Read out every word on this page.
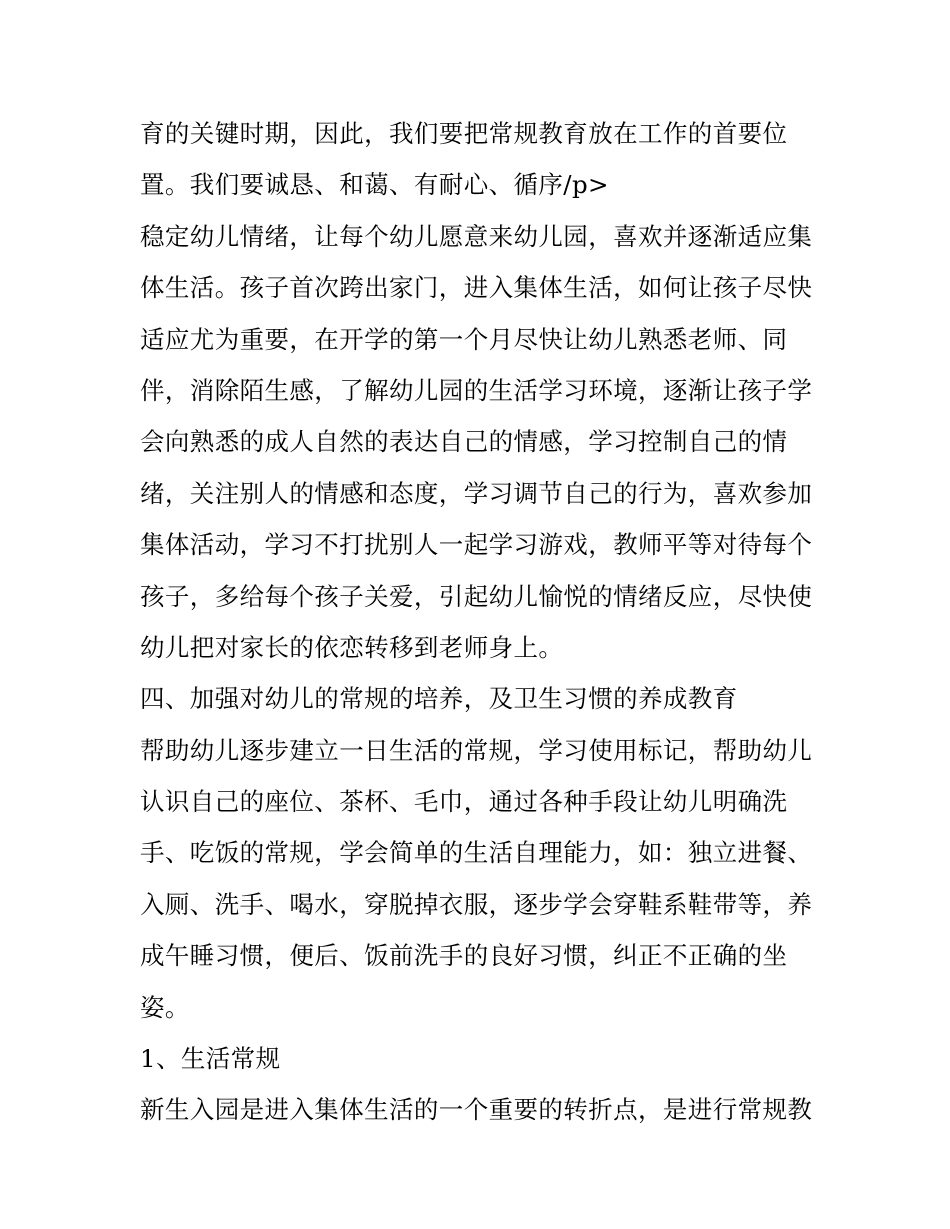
育的关键时期，因此，我们要把常规教育放在工作的首要位
置。我们要诚恳、和蔼、有耐心、循序/p>
稳定幼儿情绪，让每个幼儿愿意来幼儿园，喜欢并逐渐适应集
体生活。孩子首次跨出家门，进入集体生活，如何让孩子尽快
适应尤为重要，在开学的第一个月尽快让幼儿熟悉老师、同
伴，消除陌生感，了解幼儿园的生活学习环境，逐渐让孩子学
会向熟悉的成人自然的表达自己的情感，学习控制自己的情
绪，关注别人的情感和态度，学习调节自己的行为，喜欢参加
集体活动，学习不打扰别人一起学习游戏，教师平等对待每个
孩子，多给每个孩子关爱，引起幼儿愉悦的情绪反应，尽快使
幼儿把对家长的依恋转移到老师身上。
四、加强对幼儿的常规的培养，及卫生习惯的养成教育
帮助幼儿逐步建立一日生活的常规，学习使用标记，帮助幼儿
认识自己的座位、茶杯、毛巾，通过各种手段让幼儿明确洗
手、吃饭的常规，学会简单的生活自理能力，如：独立进餐、
入厕、洗手、喝水，穿脱掉衣服，逐步学会穿鞋系鞋带等，养
成午睡习惯，便后、饭前洗手的良好习惯，纠正不正确的坐
姿。
1、生活常规
新生入园是进入集体生活的一个重要的转折点，是进行常规教
